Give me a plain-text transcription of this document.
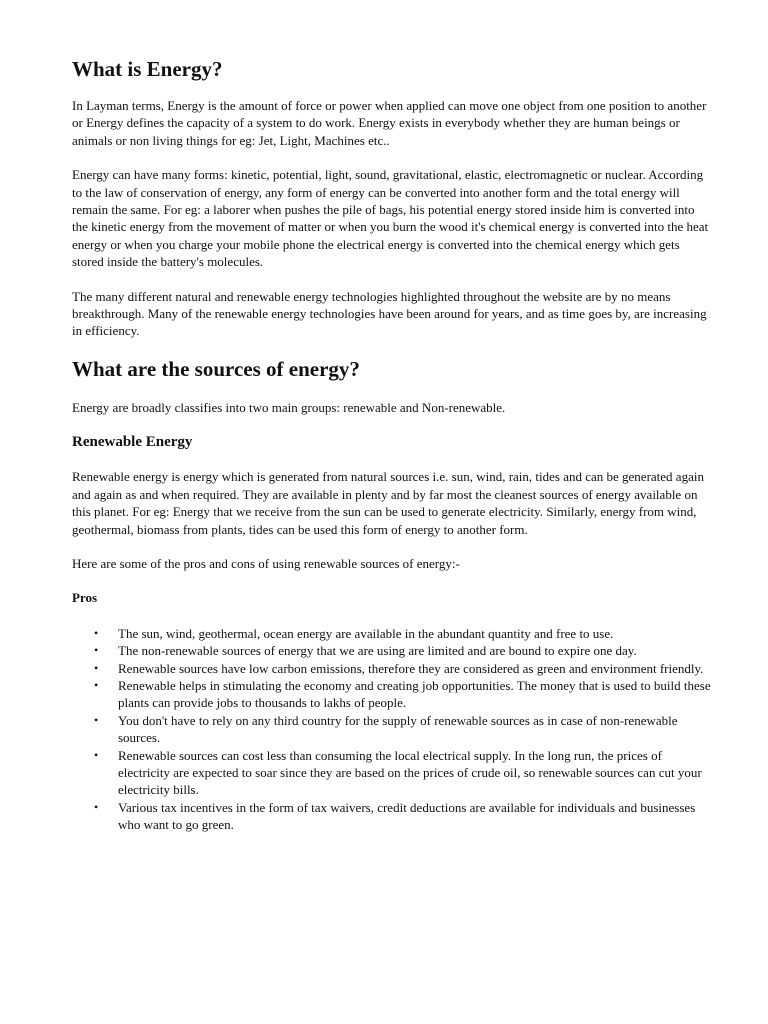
What is Energy?

In Layman terms, Energy is the amount of force or power when applied can move one object from one position to another or Energy defines the capacity of a system to do work. Energy exists in everybody whether they are human beings or animals or non living things for eg: Jet, Light, Machines etc..

Energy can have many forms: kinetic, potential, light, sound, gravitational, elastic, electromagnetic or nuclear. According to the law of conservation of energy, any form of energy can be converted into another form and the total energy will remain the same. For eg: a laborer when pushes the pile of bags, his potential energy stored inside him is converted into the kinetic energy from the movement of matter or when you burn the wood it's chemical energy is converted into the heat energy or when you charge your mobile phone the electrical energy is converted into the chemical energy which gets stored inside the battery's molecules.

The many different natural and renewable energy technologies highlighted throughout the website are by no means breakthrough. Many of the renewable energy technologies have been around for years, and as time goes by, are increasing in efficiency.

What are the sources of energy?

Energy are broadly classifies into two main groups: renewable and Non-renewable.

Renewable Energy

Renewable energy is energy which is generated from natural sources i.e. sun, wind, rain, tides and can be generated again and again as and when required. They are available in plenty and by far most the cleanest sources of energy available on this planet. For eg: Energy that we receive from the sun can be used to generate electricity. Similarly, energy from wind, geothermal, biomass from plants, tides can be used this form of energy to another form.

Here are some of the pros and cons of using renewable sources of energy:-

Pros
• The sun, wind, geothermal, ocean energy are available in the abundant quantity and free to use.
• The non-renewable sources of energy that we are using are limited and are bound to expire one day.
• Renewable sources have low carbon emissions, therefore they are considered as green and environment friendly.
• Renewable helps in stimulating the economy and creating job opportunities. The money that is used to build these plants can provide jobs to thousands to lakhs of people.
• You don't have to rely on any third country for the supply of renewable sources as in case of non-renewable sources.
• Renewable sources can cost less than consuming the local electrical supply. In the long run, the prices of electricity are expected to soar since they are based on the prices of crude oil, so renewable sources can cut your electricity bills.
• Various tax incentives in the form of tax waivers, credit deductions are available for individuals and businesses who want to go green.
